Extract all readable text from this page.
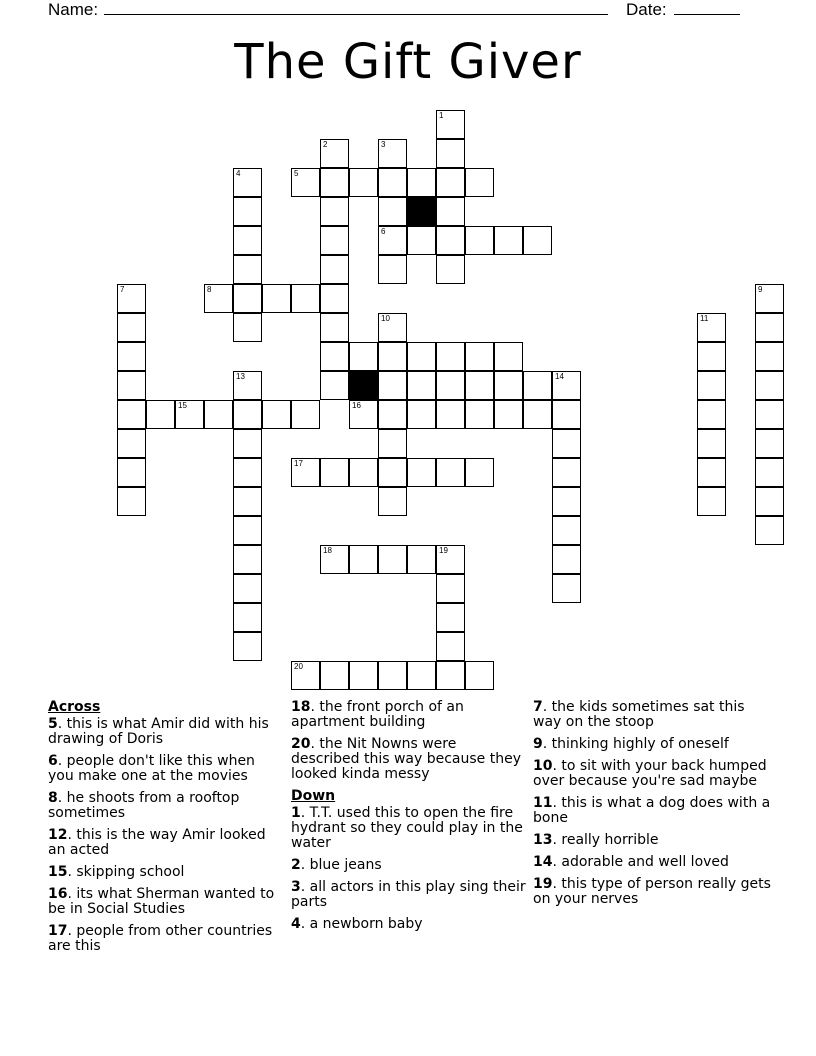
Name:	Date:
The Gift Giver
1
2	3
4	5
6
7	8	9
10	11
13	14
15	16
17
18	19
20
Across
5. this is what Amir did with his drawing of Doris
6. people don't like this when you make one at the movies
8. he shoots from a rooftop sometimes
12. this is the way Amir looked an acted
15. skipping school
16. its what Sherman wanted to be in Social Studies
17. people from other countries are this
18. the front porch of an apartment building
20. the Nit Nowns were described this way because they looked kinda messy
Down
1. T.T. used this to open the fire hydrant so they could play in the water
2. blue jeans
3. all actors in this play sing their parts
4. a newborn baby
7. the kids sometimes sat this way on the stoop
9. thinking highly of oneself
10. to sit with your back humped over because you're sad maybe
11. this is what a dog does with a bone
13. really horrible
14. adorable and well loved
19. this type of person really gets on your nerves
